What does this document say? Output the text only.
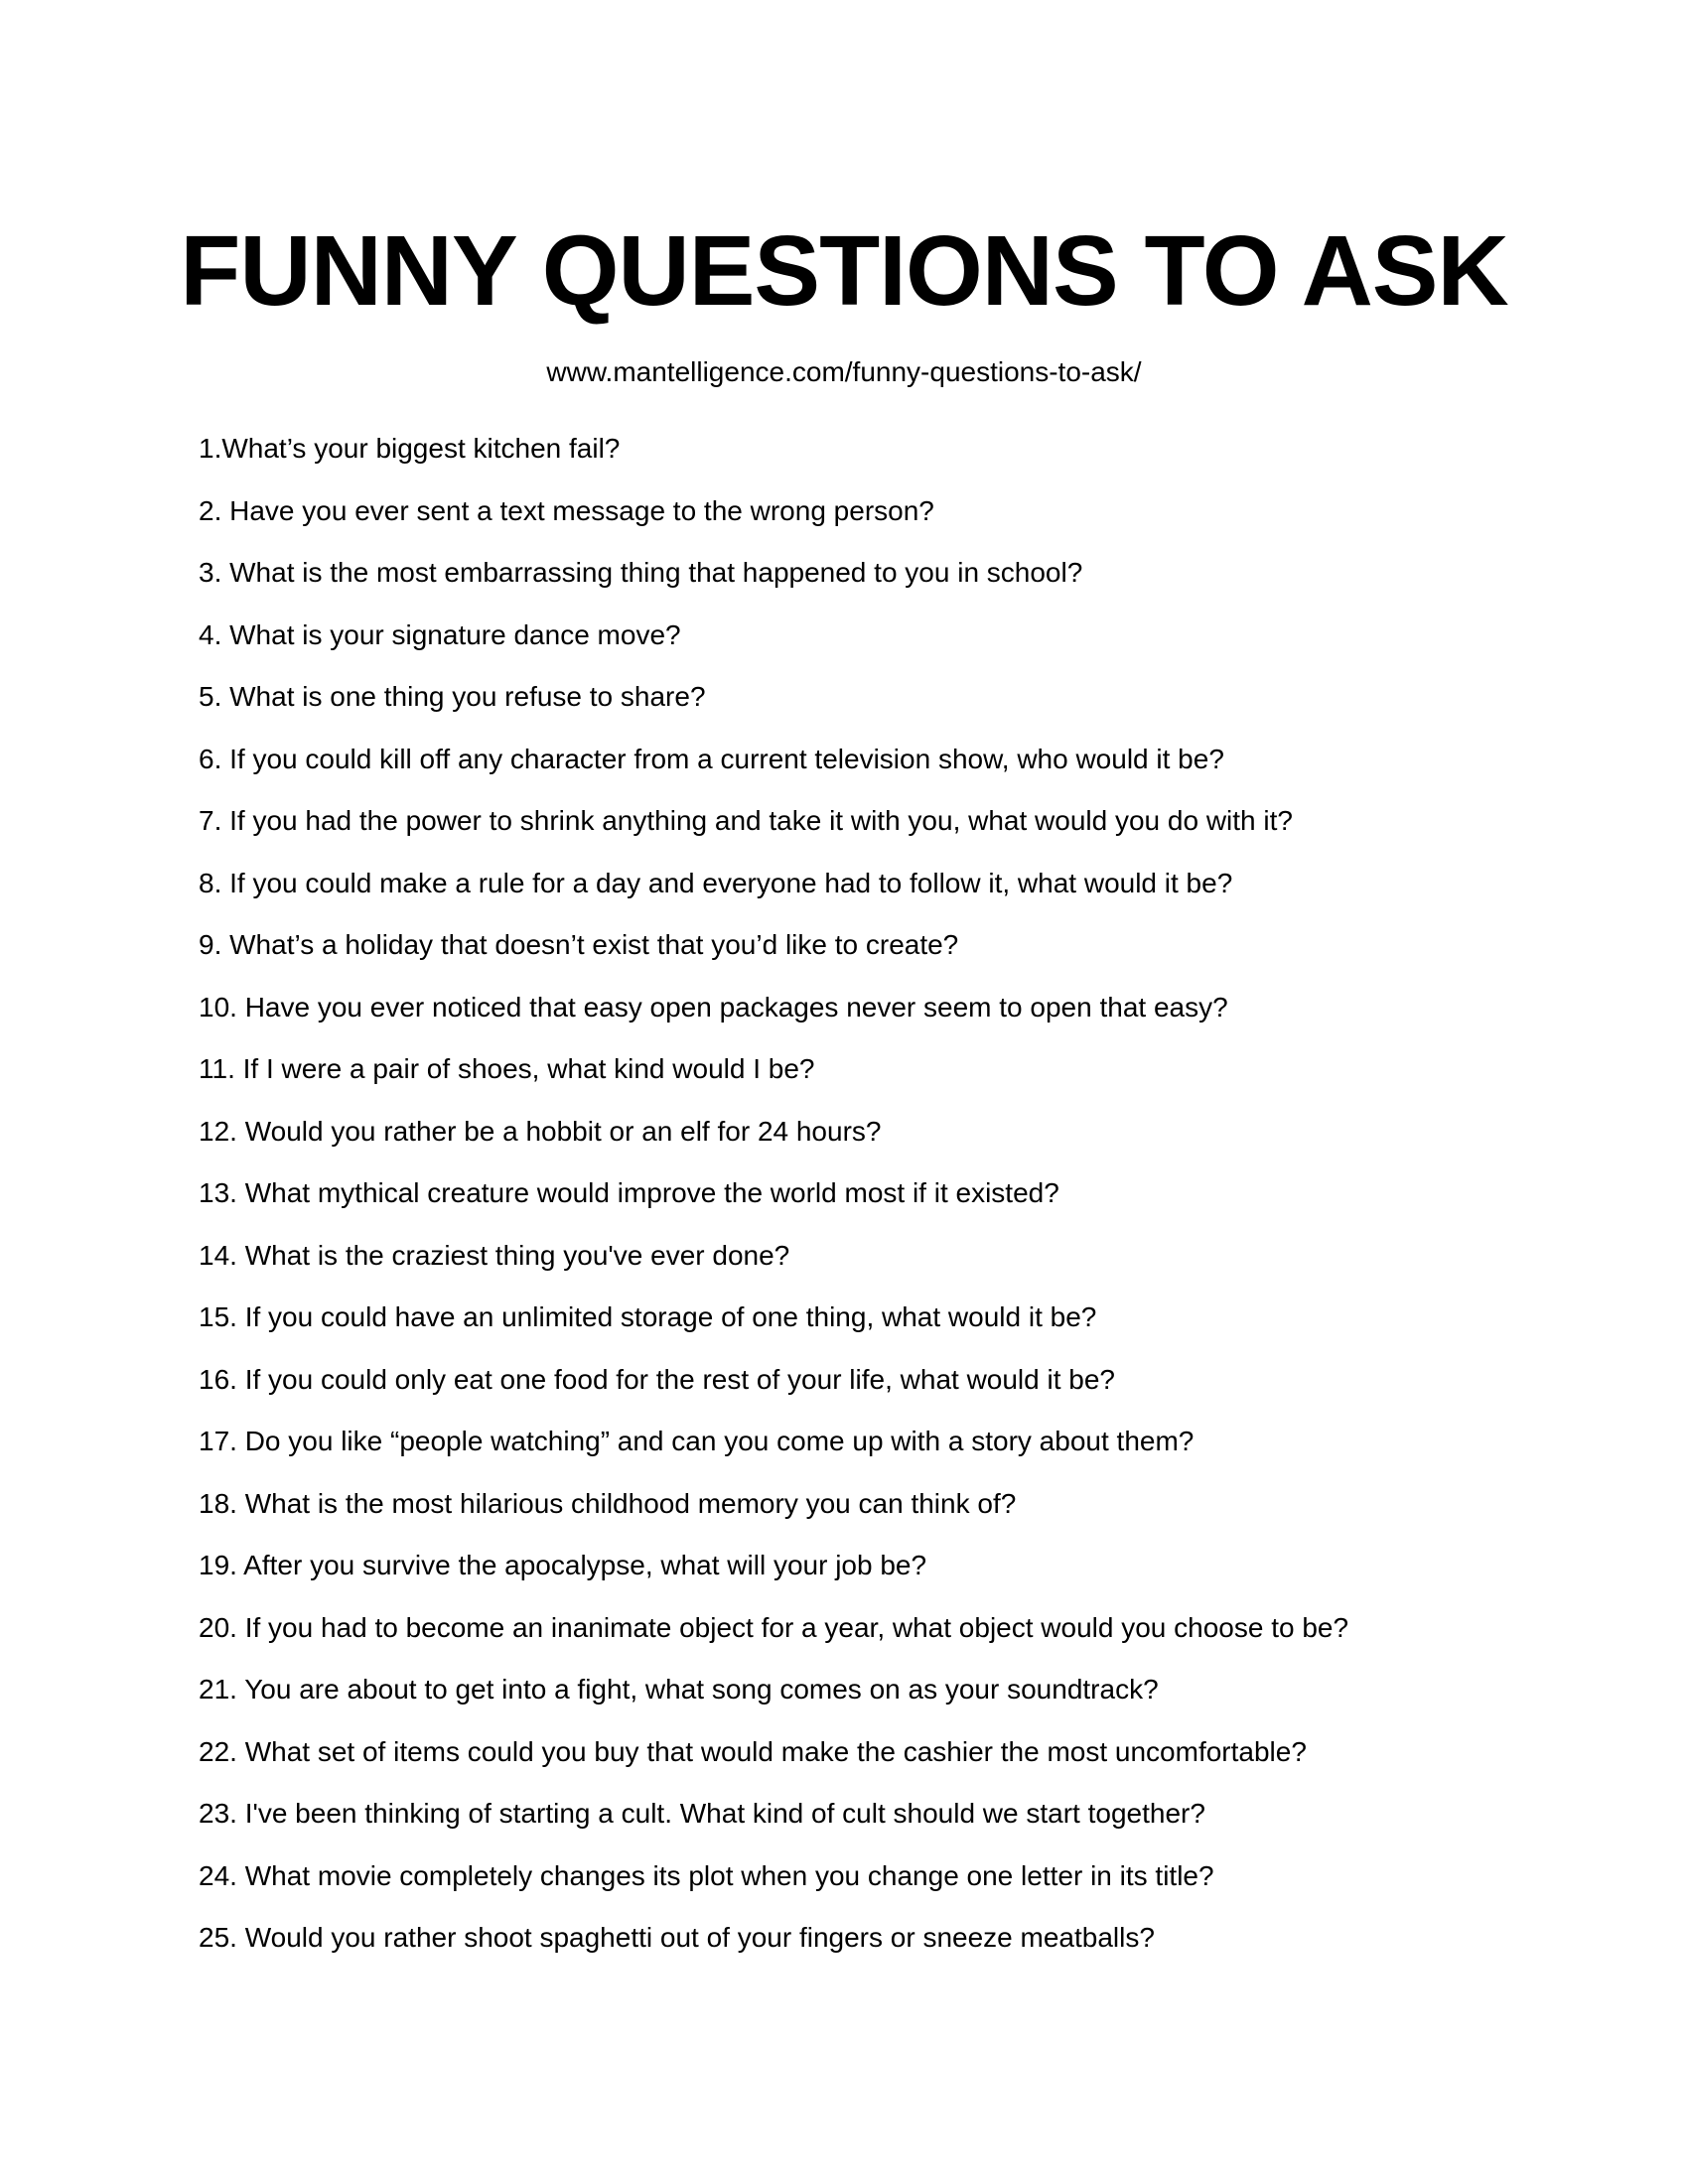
FUNNY QUESTIONS TO ASK
www.mantelligence.com/funny-questions-to-ask/
1.What’s your biggest kitchen fail?
2. Have you ever sent a text message to the wrong person?
3. What is the most embarrassing thing that happened to you in school?
4. What is your signature dance move?
5. What is one thing you refuse to share?
6. If you could kill off any character from a current television show, who would it be?
7. If you had the power to shrink anything and take it with you, what would you do with it?
8. If you could make a rule for a day and everyone had to follow it, what would it be?
9. What’s a holiday that doesn’t exist that you’d like to create?
10. Have you ever noticed that easy open packages never seem to open that easy?
11. If I were a pair of shoes, what kind would I be?
12. Would you rather be a hobbit or an elf for 24 hours?
13. What mythical creature would improve the world most if it existed?
14. What is the craziest thing you've ever done?
15. If you could have an unlimited storage of one thing, what would it be?
16. If you could only eat one food for the rest of your life, what would it be?
17. Do you like “people watching” and can you come up with a story about them?
18. What is the most hilarious childhood memory you can think of?
19. After you survive the apocalypse, what will your job be?
20. If you had to become an inanimate object for a year, what object would you choose to be?
21. You are about to get into a fight, what song comes on as your soundtrack?
22. What set of items could you buy that would make the cashier the most uncomfortable?
23. I've been thinking of starting a cult. What kind of cult should we start together?
24. What movie completely changes its plot when you change one letter in its title?
25. Would you rather shoot spaghetti out of your fingers or sneeze meatballs?
